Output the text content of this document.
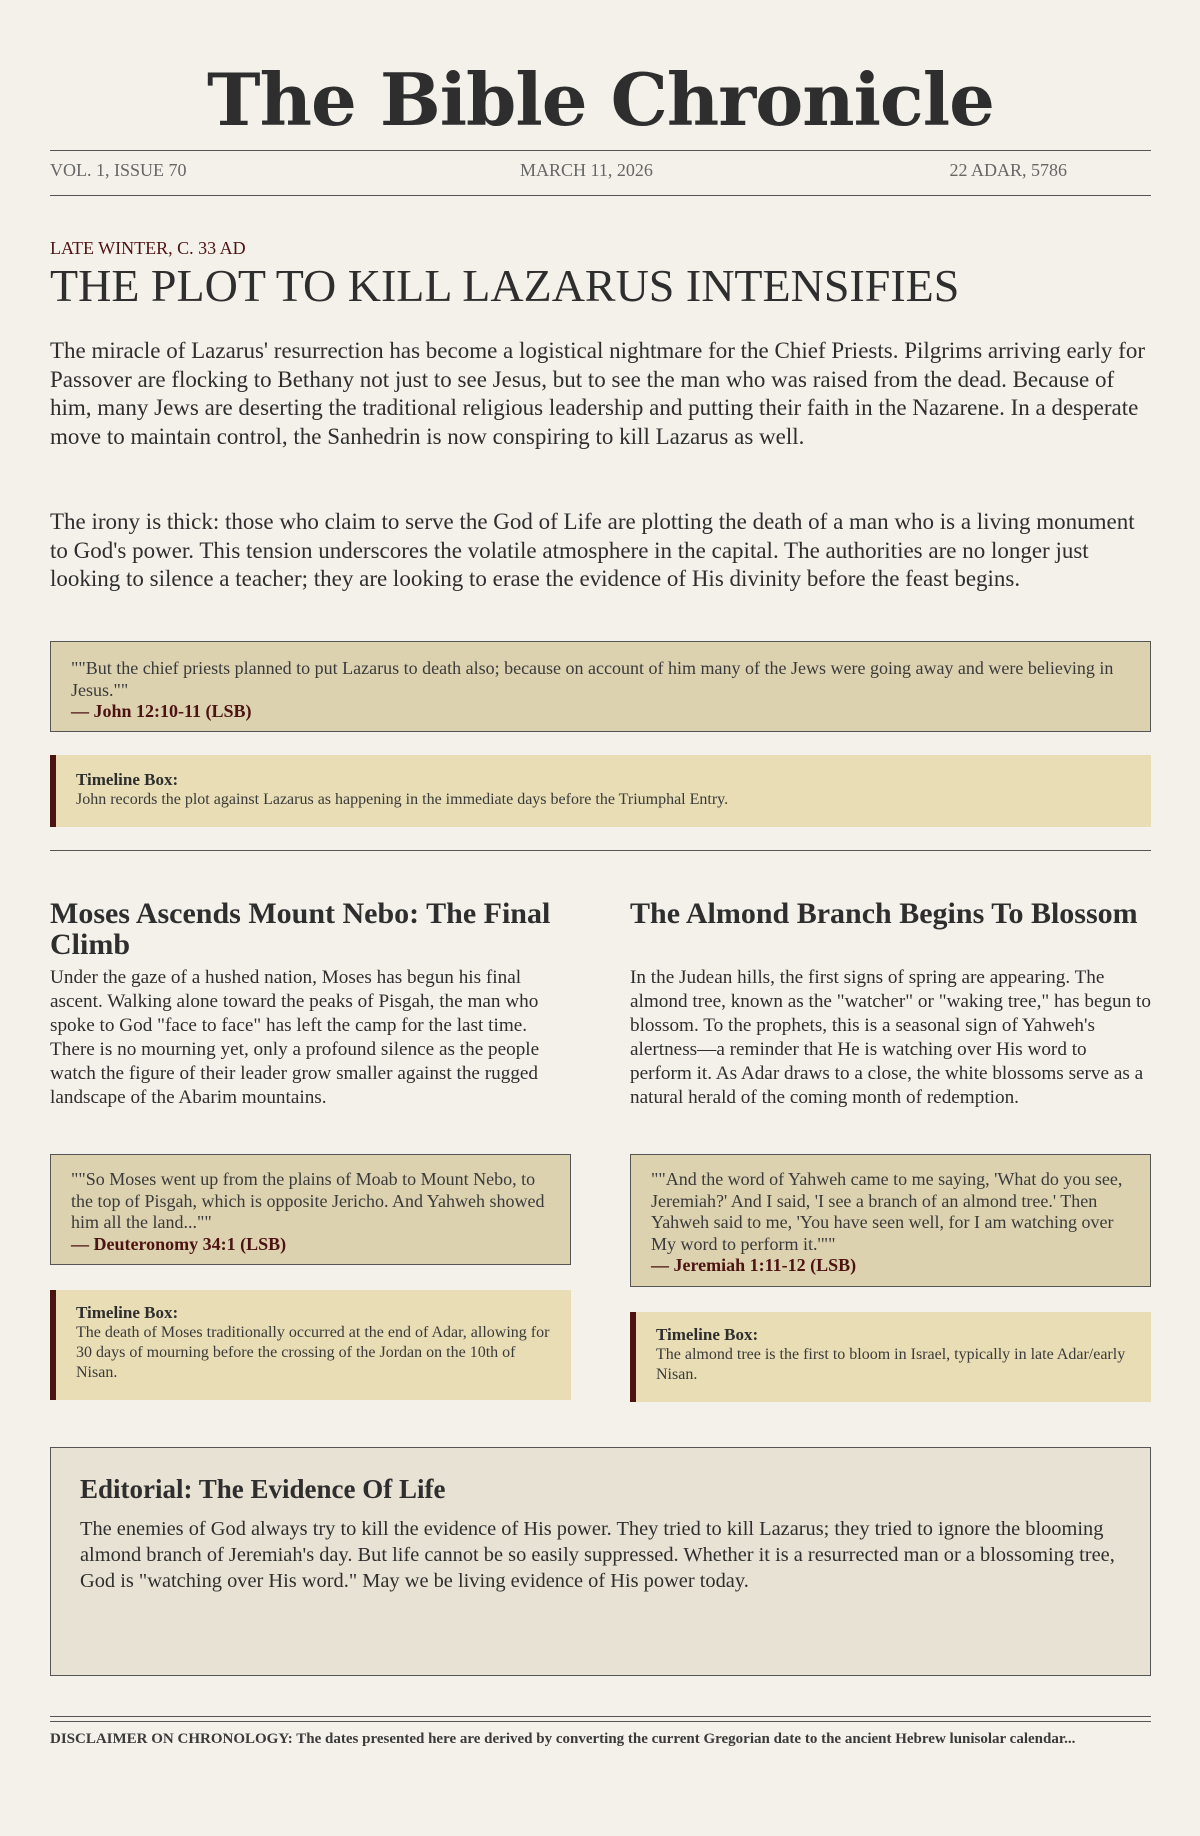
The Bible Chronicle
VOL. 1, ISSUE 70	MARCH 11, 2026	22 ADAR, 5786
LATE WINTER, C. 33 AD
THE PLOT TO KILL LAZARUS INTENSIFIES

The miracle of Lazarus' resurrection has become a logistical nightmare for the Chief Priests. Pilgrims arriving early for Passover are flocking to Bethany not just to see Jesus, but to see the man who was raised from the dead. Because of him, many Jews are deserting the traditional religious leadership and putting their faith in the Nazarene. In a desperate move to maintain control, the Sanhedrin is now conspiring to kill Lazarus as well.

The irony is thick: those who claim to serve the God of Life are plotting the death of a man who is a living monument to God's power. This tension underscores the volatile atmosphere in the capital. The authorities are no longer just looking to silence a teacher; they are looking to erase the evidence of His divinity before the feast begins.

""But the chief priests planned to put Lazarus to death also; because on account of him many of the Jews were going away and were believing in Jesus.""
— John 12:10-11 (LSB)
Timeline Box:
John records the plot against Lazarus as happening in the immediate days before the Triumphal Entry.
Moses Ascends Mount Nebo: The Final Climb

Under the gaze of a hushed nation, Moses has begun his final ascent. Walking alone toward the peaks of Pisgah, the man who spoke to God "face to face" has left the camp for the last time. There is no mourning yet, only a profound silence as the people watch the figure of their leader grow smaller against the rugged landscape of the Abarim mountains.

""So Moses went up from the plains of Moab to Mount Nebo, to the top of Pisgah, which is opposite Jericho. And Yahweh showed him all the land...""
— Deuteronomy 34:1 (LSB)
Timeline Box:
The death of Moses traditionally occurred at the end of Adar, allowing for 30 days of mourning before the crossing of the Jordan on the 10th of Nisan.
The Almond Branch Begins To Blossom

In the Judean hills, the first signs of spring are appearing. The almond tree, known as the "watcher" or "waking tree," has begun to blossom. To the prophets, this is a seasonal sign of Yahweh's alertness—a reminder that He is watching over His word to perform it. As Adar draws to a close, the white blossoms serve as a natural herald of the coming month of redemption.

""And the word of Yahweh came to me saying, 'What do you see, Jeremiah?' And I said, 'I see a branch of an almond tree.' Then Yahweh said to me, 'You have seen well, for I am watching over My word to perform it.'""
— Jeremiah 1:11-12 (LSB)
Timeline Box:
The almond tree is the first to bloom in Israel, typically in late Adar/early Nisan.
Editorial: The Evidence Of Life

The enemies of God always try to kill the evidence of His power. They tried to kill Lazarus; they tried to ignore the blooming almond branch of Jeremiah's day. But life cannot be so easily suppressed. Whether it is a resurrected man or a blossoming tree, God is "watching over His word." May we be living evidence of His power today.

DISCLAIMER ON CHRONOLOGY: The dates presented here are derived by converting the current Gregorian date to the ancient Hebrew lunisolar calendar...
